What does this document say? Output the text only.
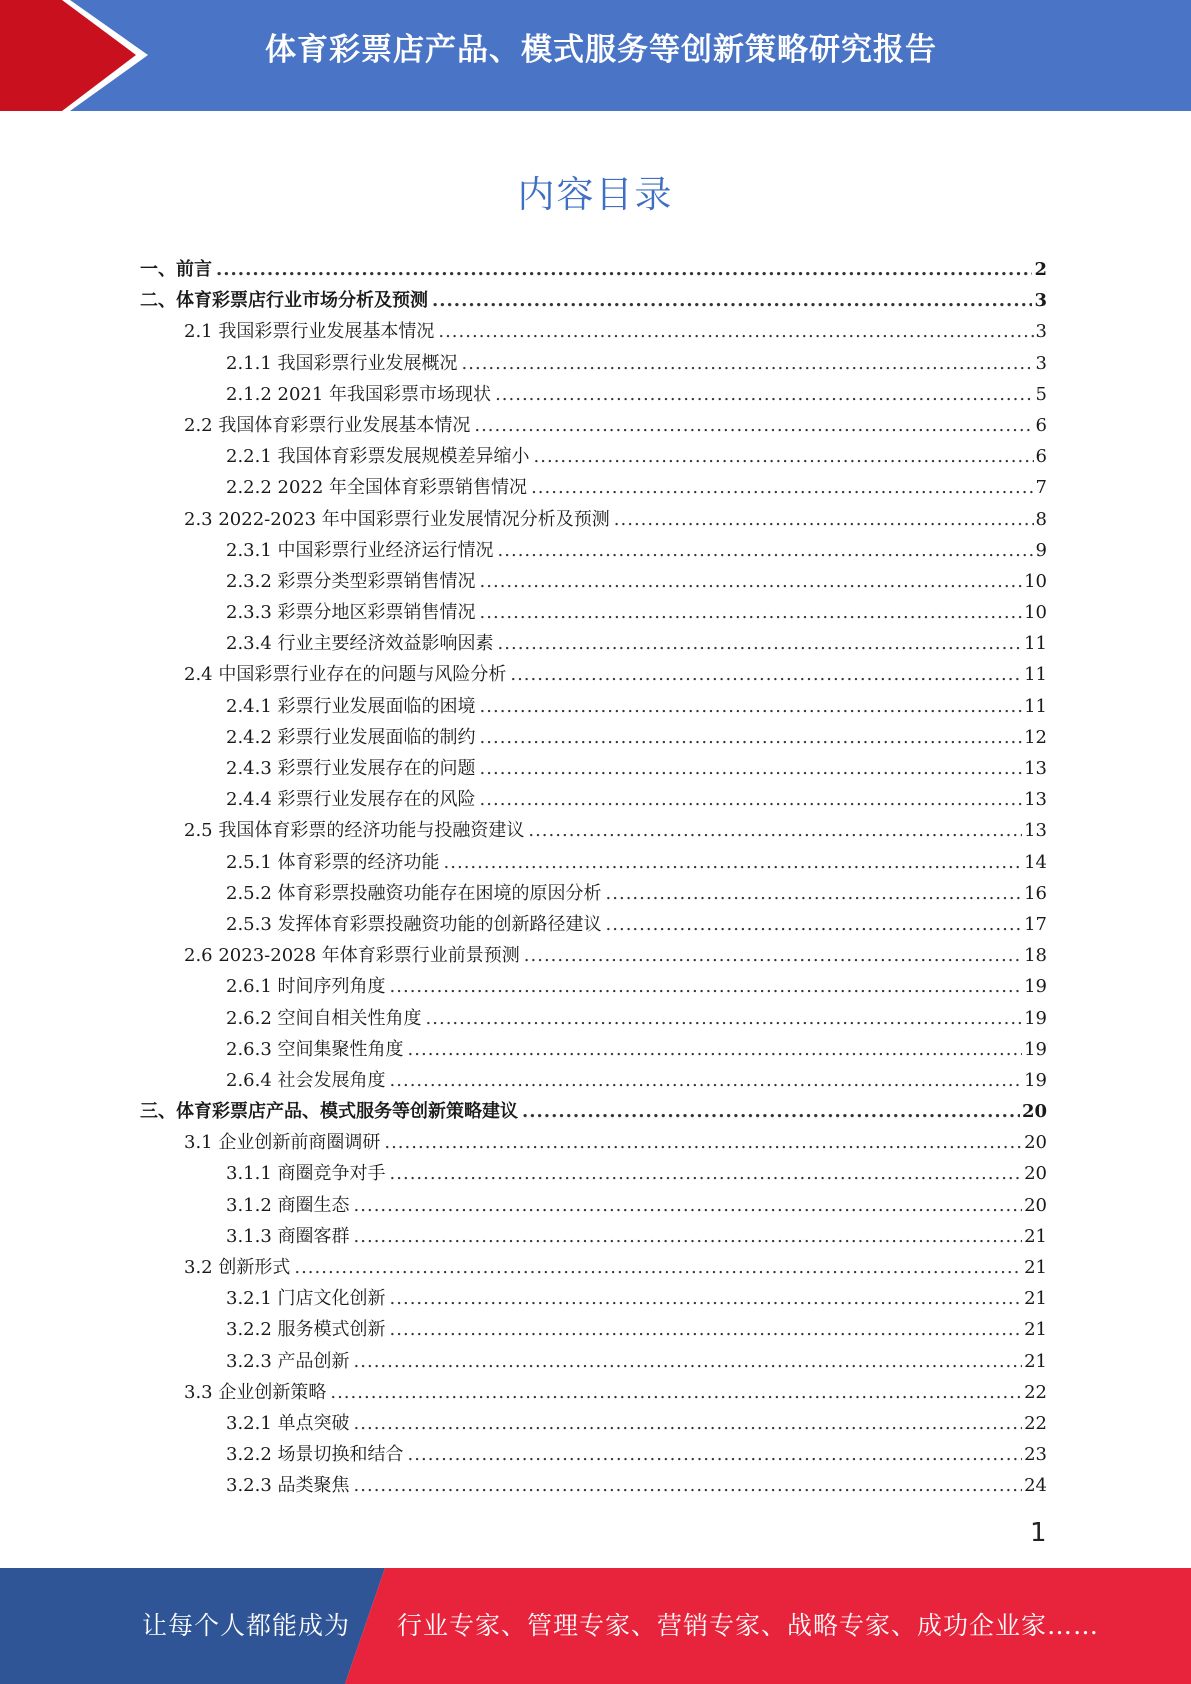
体育彩票店产品、模式服务等创新策略研究报告
内容目录
一、前言 .....	2
二、体育彩票店行业市场分析及预测 .....	3
2.1 我国彩票行业发展基本情况 .....	3
2.1.1 我国彩票行业发展概况 .....	3
2.1.2 2021 年我国彩票市场现状 .....	5
2.2 我国体育彩票行业发展基本情况 .....	6
2.2.1 我国体育彩票发展规模差异缩小 .....	6
2.2.2 2022 年全国体育彩票销售情况 .....	7
2.3 2022-2023 年中国彩票行业发展情况分析及预测 .....	8
2.3.1 中国彩票行业经济运行情况 .....	9
2.3.2 彩票分类型彩票销售情况 .....	10
2.3.3 彩票分地区彩票销售情况 .....	10
2.3.4 行业主要经济效益影响因素 .....	11
2.4 中国彩票行业存在的问题与风险分析 .....	11
2.4.1 彩票行业发展面临的困境 .....	11
2.4.2 彩票行业发展面临的制约 .....	12
2.4.3 彩票行业发展存在的问题 .....	13
2.4.4 彩票行业发展存在的风险 .....	13
2.5 我国体育彩票的经济功能与投融资建议 .....	13
2.5.1 体育彩票的经济功能 .....	14
2.5.2 体育彩票投融资功能存在困境的原因分析 .....	16
2.5.3 发挥体育彩票投融资功能的创新路径建议 .....	17
2.6 2023-2028 年体育彩票行业前景预测 .....	18
2.6.1 时间序列角度 .....	19
2.6.2 空间自相关性角度 .....	19
2.6.3 空间集聚性角度 .....	19
2.6.4 社会发展角度 .....	19
三、体育彩票店产品、模式服务等创新策略建议 .....	20
3.1 企业创新前商圈调研 .....	20
3.1.1 商圈竞争对手 .....	20
3.1.2 商圈生态 .....	20
3.1.3 商圈客群 .....	21
3.2 创新形式 .....	21
3.2.1 门店文化创新 .....	21
3.2.2 服务模式创新 .....	21
3.2.3 产品创新 .....	21
3.3 企业创新策略 .....	22
3.2.1 单点突破 .....	22
3.2.2 场景切换和结合 .....	23
3.2.3 品类聚焦 .....	24
1
让每个人都能成为 行业专家、管理专家、营销专家、战略专家、成功企业家……
